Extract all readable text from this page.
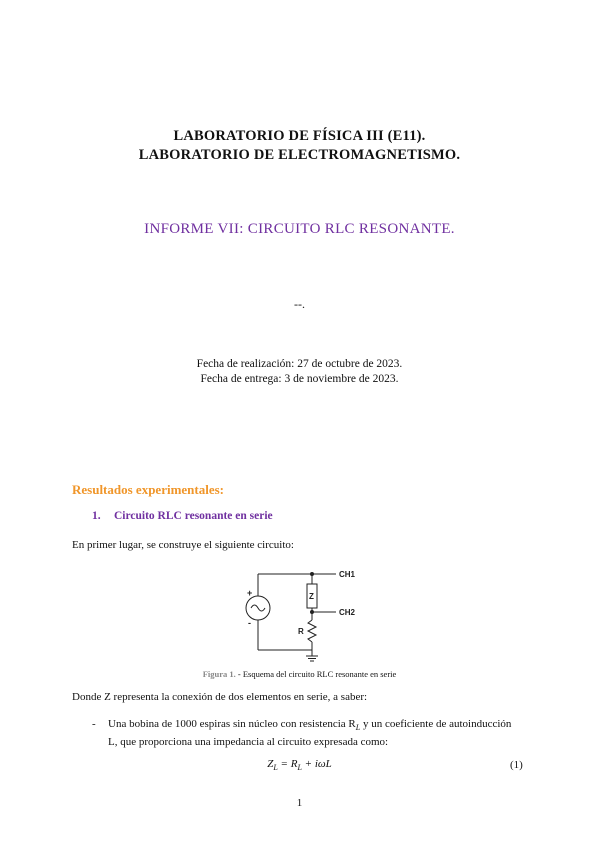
LABORATORIO DE FÍSICA III (E11).
LABORATORIO DE ELECTROMAGNETISMO.
INFORME VII: CIRCUITO RLC RESONANTE.
--.
Fecha de realización: 27 de octubre de 2023.
Fecha de entrega: 3 de noviembre de 2023.
Resultados experimentales:
1. Circuito RLC resonante en serie
En primer lugar, se construye el siguiente circuito:
CH1
CH2
Z
R
+
-
Figura 1. - Esquema del circuito RLC resonante en serie
Donde Z representa la conexión de dos elementos en serie, a saber:
- Una bobina de 1000 espiras sin núcleo con resistencia $R_L$ y un coeficiente de autoinducción
L, que proporciona una impedancia al circuito expresada como:
$Z_L = R_L + i\omega L$	(1)
1
